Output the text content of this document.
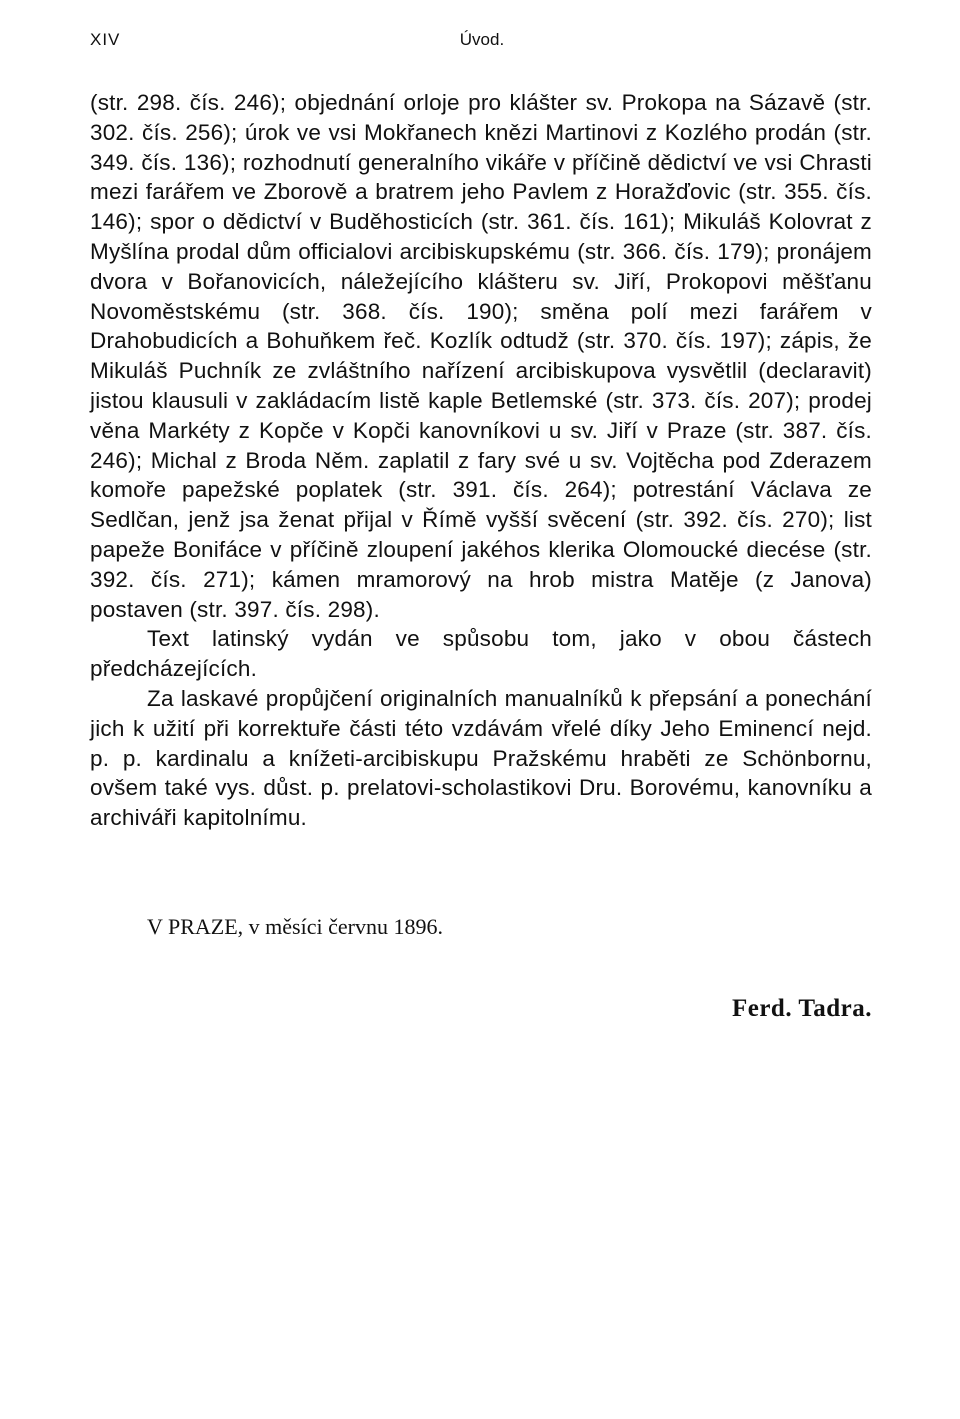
XIV	Úvod.

(str. 298. čís. 246); objednání orloje pro klášter sv. Prokopa na Sázavě (str. 302. čís. 256); úrok ve vsi Mokřanech knězi Martinovi z Kozlého prodán (str. 349. čís. 136); rozhodnutí generalního vikáře v příčině dědictví ve vsi Chrasti mezi farářem ve Zborově a bratrem jeho Pavlem z Horažďovic (str. 355. čís. 146); spor o dědictví v Buděhosticích (str. 361. čís. 161); Mikuláš Kolovrat z Myšlína prodal dům officialovi arcibiskupskému (str. 366. čís. 179); pronájem dvora v Bořanovicích, náležejícího klášteru sv. Jiří, Prokopovi měšťanu Novoměstskému (str. 368. čís. 190); směna polí mezi farářem v Drahobudicích a Bohuňkem řeč. Kozlík odtudž (str. 370. čís. 197); zápis, že Mikuláš Puchník ze zvláštního nařízení arcibiskupova vysvětlil (declaravit) jistou klausuli v zakládacím listě kaple Betlemské (str. 373. čís. 207); prodej věna Markéty z Kopče v Kopči kanovníkovi u sv. Jiří v Praze (str. 387. čís. 246); Michal z Broda Něm. zaplatil z fary své u sv. Vojtěcha pod Zderazem komoře papežské poplatek (str. 391. čís. 264); potrestání Václava ze Sedlčan, jenž jsa ženat přijal v Římě vyšší svěcení (str. 392. čís. 270); list papeže Bonifáce v příčině zloupení jakéhos klerika Olomoucké diecése (str. 392. čís. 271); kámen mramorový na hrob mistra Matěje (z Janova) postaven (str. 397. čís. 298).

Text latinský vydán ve spůsobu tom, jako v obou částech předcházejících.

Za laskavé propůjčení originalních manualníků k přepsání a ponechání jich k užití při korrektuře části této vzdávám vřelé díky Jeho Eminencí nejd. p. p. kardinalu a knížeti-arcibiskupu Pražskému hraběti ze Schönbornu, ovšem také vys. důst. p. prelatovi-scholastikovi Dru. Borovému, kanovníku a archiváři kapitolnímu.

V PRAZE, v měsíci červnu 1896.
Ferd. Tadra.
